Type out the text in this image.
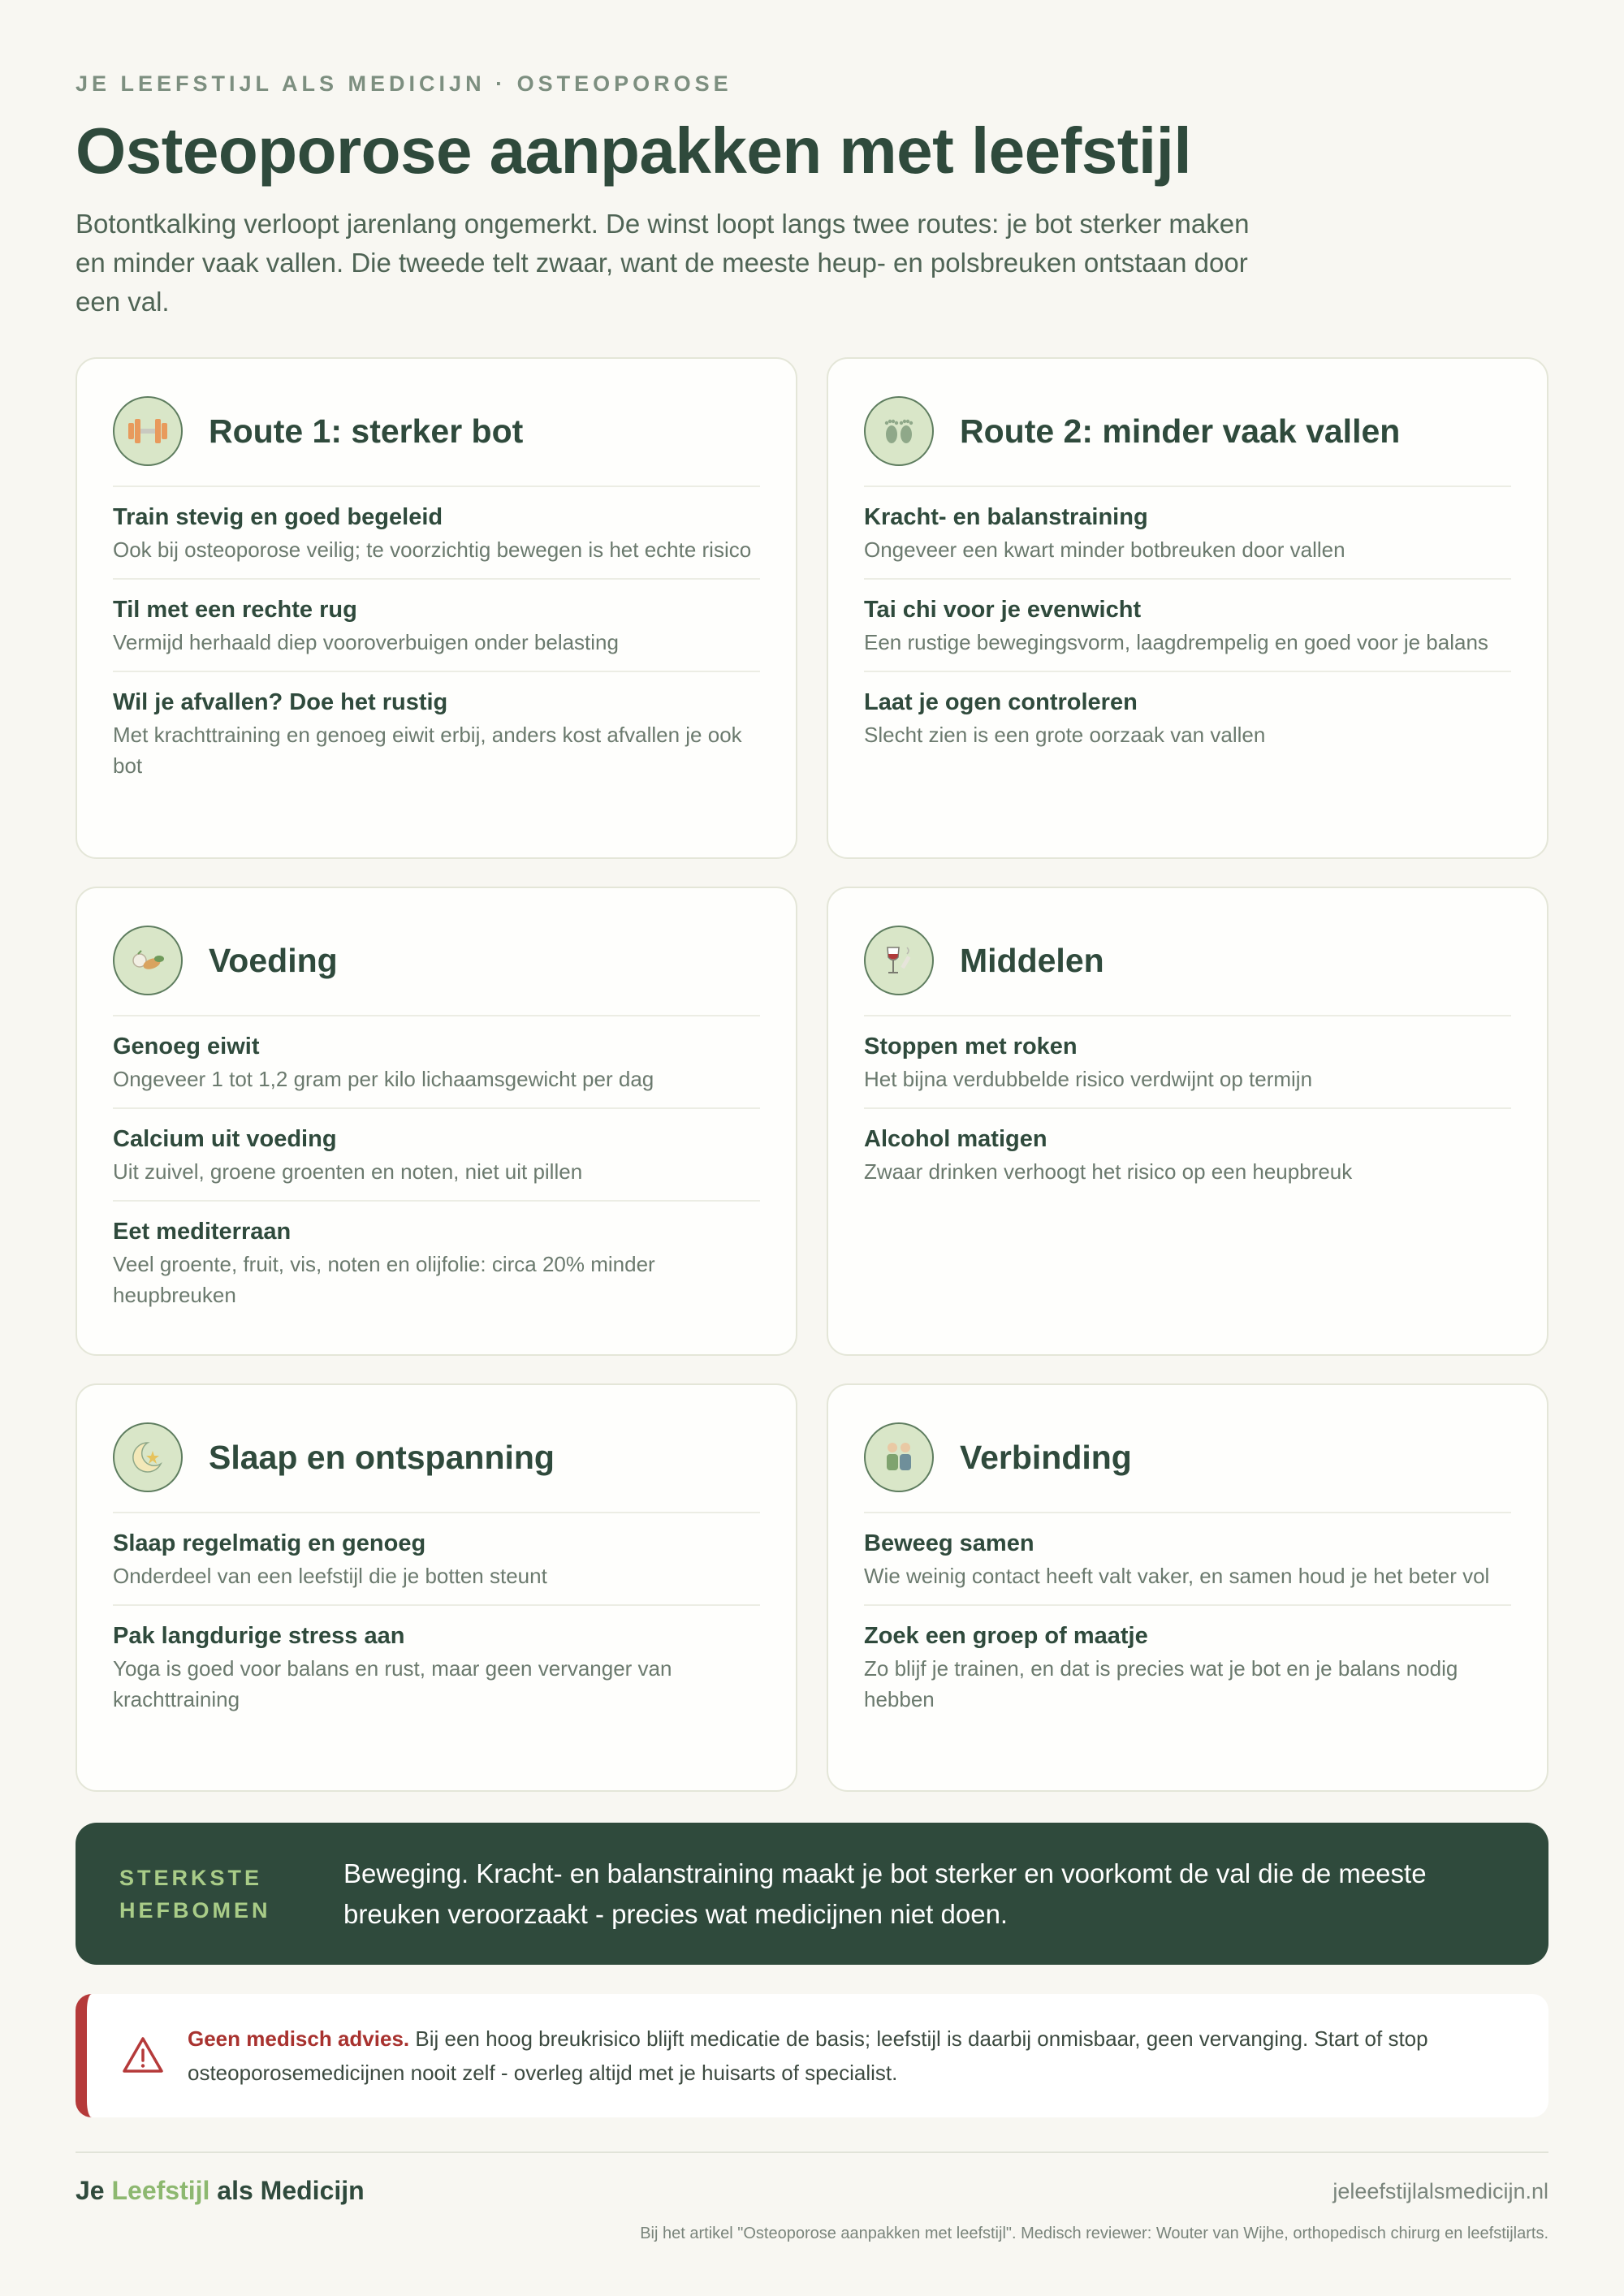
JE LEEFSTIJL ALS MEDICIJN · OSTEOPOROSE
Osteoporose aanpakken met leefstijl

Botontkalking verloopt jarenlang ongemerkt. De winst loopt langs twee routes: je bot sterker maken en minder vaak vallen. Die tweede telt zwaar, want de meeste heup- en polsbreuken ontstaan door een val.

Route 1: sterker bot
Train stevig en goed begeleid
Ook bij osteoporose veilig; te voorzichtig bewegen is het echte risico
Til met een rechte rug
Vermijd herhaald diep vooroverbuigen onder belasting
Wil je afvallen? Doe het rustig
Met krachttraining en genoeg eiwit erbij, anders kost afvallen je ook bot
Route 2: minder vaak vallen
Kracht- en balanstraining
Ongeveer een kwart minder botbreuken door vallen
Tai chi voor je evenwicht
Een rustige bewegingsvorm, laagdrempelig en goed voor je balans
Laat je ogen controleren
Slecht zien is een grote oorzaak van vallen
Voeding
Genoeg eiwit
Ongeveer 1 tot 1,2 gram per kilo lichaamsgewicht per dag
Calcium uit voeding
Uit zuivel, groene groenten en noten, niet uit pillen
Eet mediterraan
Veel groente, fruit, vis, noten en olijfolie: circa 20% minder heupbreuken
Middelen
Stoppen met roken
Het bijna verdubbelde risico verdwijnt op termijn
Alcohol matigen
Zwaar drinken verhoogt het risico op een heupbreuk
Slaap en ontspanning
Slaap regelmatig en genoeg
Onderdeel van een leefstijl die je botten steunt
Pak langdurige stress aan
Yoga is goed voor balans en rust, maar geen vervanger van krachttraining
Verbinding
Beweeg samen
Wie weinig contact heeft valt vaker, en samen houd je het beter vol
Zoek een groep of maatje
Zo blijf je trainen, en dat is precies wat je bot en je balans nodig hebben
STERKSTE HEFBOMEN
Beweging. Kracht- en balanstraining maakt je bot sterker en voorkomt de val die de meeste breuken veroorzaakt - precies wat medicijnen niet doen.

Geen medisch advies. Bij een hoog breukrisico blijft medicatie de basis; leefstijl is daarbij onmisbaar, geen vervanging. Start of stop osteoporosemedicijnen nooit zelf - overleg altijd met je huisarts of specialist.

Je Leefstijl als Medicijn	jeleefstijlalsmedicijn.nl
Bij het artikel "Osteoporose aanpakken met leefstijl". Medisch reviewer: Wouter van Wijhe, orthopedisch chirurg en leefstijlarts.
